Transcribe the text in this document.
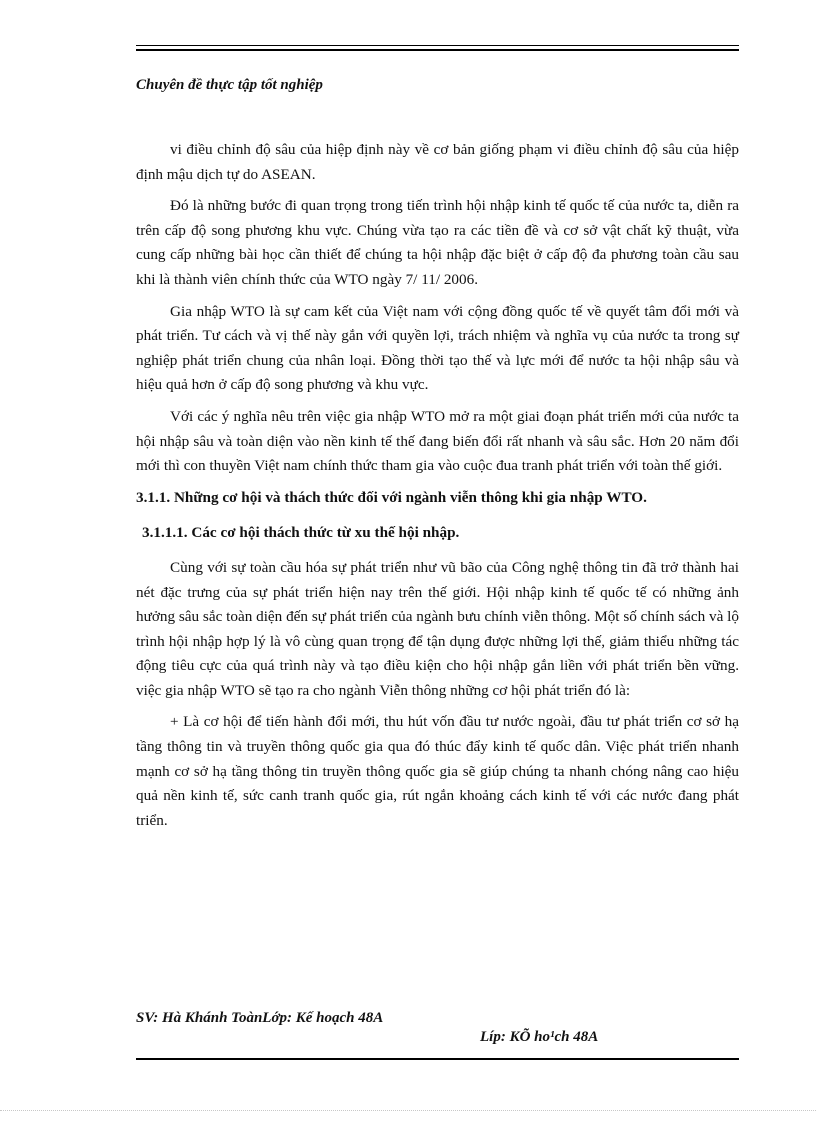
Chuyên đề thực tập tốt nghiệp

vi điều chỉnh độ sâu của hiệp định này về cơ bản giống phạm vi điều chỉnh độ sâu của hiệp định mậu dịch tự do ASEAN.

Đó là những bước đi quan trọng trong tiến trình hội nhập kinh tế quốc tế của nước ta, diễn ra trên cấp độ song phương khu vực. Chúng vừa tạo ra các tiền đề và cơ sở vật chất kỹ thuật, vừa cung cấp những bài học cần thiết để chúng ta hội nhập đặc biệt ở cấp độ đa phương toàn cầu sau khi là thành viên chính thức của WTO ngày 7/ 11/ 2006.

Gia nhập WTO là sự cam kết của Việt nam với cộng đồng quốc tế về quyết tâm đổi mới và phát triển. Tư cách và vị thế này gắn với quyền lợi, trách nhiệm và nghĩa vụ của nước ta trong sự nghiệp phát triển chung của nhân loại. Đồng thời tạo thế và lực mới để nước ta hội nhập sâu và hiệu quả hơn ở cấp độ song phương và khu vực.

Với các ý nghĩa nêu trên việc gia nhập WTO mở ra một giai đoạn phát triển mới của nước ta hội nhập sâu và toàn diện vào nền kinh tế thế đang biến đổi rất nhanh và sâu sắc. Hơn 20 năm đổi mới thì con thuyền Việt nam chính thức tham gia vào cuộc đua tranh phát triển với toàn thế giới.

3.1.1. Những cơ hội và thách thức đối với ngành viễn thông khi gia nhập WTO.

3.1.1.1. Các cơ hội thách thức từ xu thế hội nhập.

Cùng với sự toàn cầu hóa sự phát triển như vũ bão của Công nghệ thông tin đã trở thành hai nét đặc trưng của sự phát triển hiện nay trên thế giới. Hội nhập kinh tế quốc tế có những ảnh hưởng sâu sắc toàn diện đến sự phát triển của ngành bưu chính viễn thông. Một số chính sách và lộ trình hội nhập hợp lý là vô cùng quan trọng để tận dụng được những lợi thế, giảm thiểu những tác động tiêu cực của quá trình này và tạo điều kiện cho hội nhập gắn liền với phát triển bền vững. việc gia nhập WTO sẽ tạo ra cho ngành Viễn thông những cơ hội phát triển đó là:

+ Là cơ hội để tiến hành đổi mới, thu hút vốn đầu tư nước ngoài, đầu tư phát triển cơ sở hạ tầng thông tin và truyền thông quốc gia qua đó thúc đẩy kinh tế quốc dân. Việc phát triển nhanh mạnh cơ sở hạ tầng thông tin truyền thông quốc gia sẽ giúp chúng ta nhanh chóng nâng cao hiệu quả nền kinh tế, sức canh tranh quốc gia, rút ngắn khoảng cách kinh tế với các nước đang phát triển.

SV: Hà Khánh ToànLớp: Kế hoạch 48A
Líp: KÕ ho¹ch 48A
